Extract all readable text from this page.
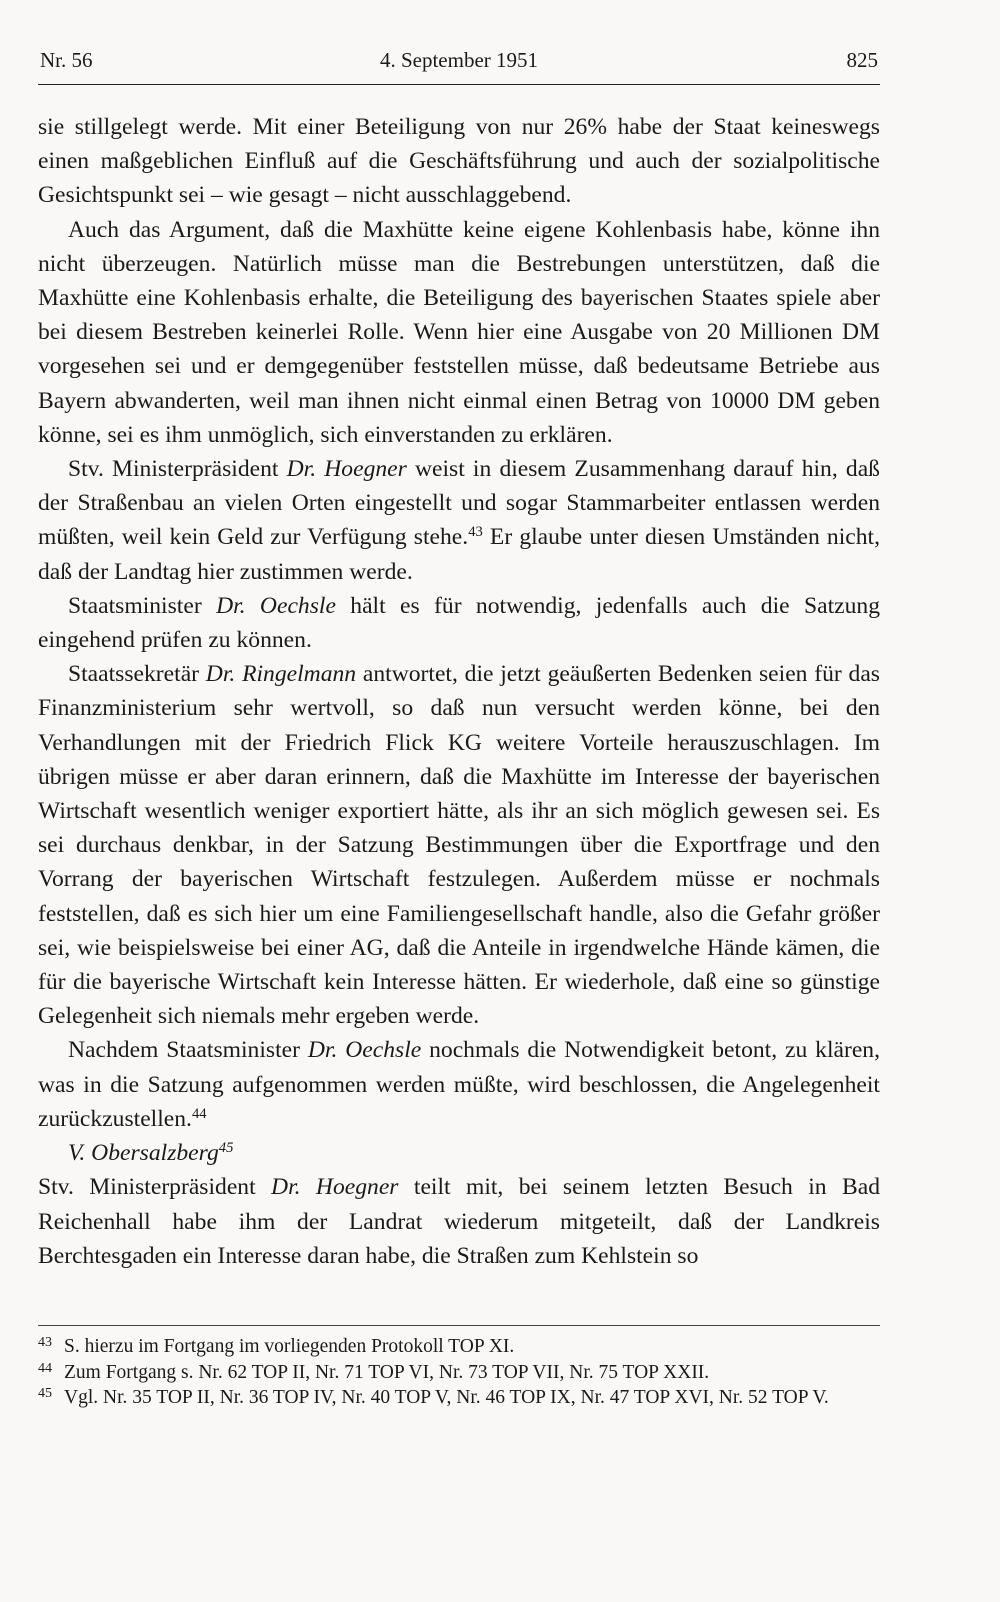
Nr. 56	4. September 1951	825

sie stillgelegt werde. Mit einer Beteiligung von nur 26% habe der Staat keineswegs einen maßgeblichen Einfluß auf die Geschäftsführung und auch der sozialpolitische Gesichtspunkt sei – wie gesagt – nicht ausschlaggebend.

Auch das Argument, daß die Maxhütte keine eigene Kohlenbasis habe, könne ihn nicht überzeugen. Natürlich müsse man die Bestrebungen unterstützen, daß die Maxhütte eine Kohlenbasis erhalte, die Beteiligung des bayerischen Staates spiele aber bei diesem Bestreben keinerlei Rolle. Wenn hier eine Ausgabe von 20 Millionen DM vorgesehen sei und er demgegenüber feststellen müsse, daß bedeutsame Betriebe aus Bayern abwanderten, weil man ihnen nicht einmal einen Betrag von 10000 DM geben könne, sei es ihm unmöglich, sich einverstanden zu erklären.

Stv. Ministerpräsident Dr. Hoegner weist in diesem Zusammenhang darauf hin, daß der Straßenbau an vielen Orten eingestellt und sogar Stammarbeiter entlassen werden müßten, weil kein Geld zur Verfügung stehe.$^{43}$ Er glaube unter diesen Umständen nicht, daß der Landtag hier zustimmen werde.

Staatsminister Dr. Oechsle hält es für notwendig, jedenfalls auch die Satzung eingehend prüfen zu können.

Staatssekretär Dr. Ringelmann antwortet, die jetzt geäußerten Bedenken seien für das Finanzministerium sehr wertvoll, so daß nun versucht werden könne, bei den Verhandlungen mit der Friedrich Flick KG weitere Vorteile herauszuschlagen. Im übrigen müsse er aber daran erinnern, daß die Maxhütte im Interesse der bayerischen Wirtschaft wesentlich weniger exportiert hätte, als ihr an sich möglich gewesen sei. Es sei durchaus denkbar, in der Satzung Bestimmungen über die Exportfrage und den Vorrang der bayerischen Wirtschaft festzulegen. Außerdem müsse er nochmals feststellen, daß es sich hier um eine Familiengesellschaft handle, also die Gefahr größer sei, wie beispielsweise bei einer AG, daß die Anteile in irgendwelche Hände kämen, die für die bayerische Wirtschaft kein Interesse hätten. Er wiederhole, daß eine so günstige Gelegenheit sich niemals mehr ergeben werde.

Nachdem Staatsminister Dr. Oechsle nochmals die Notwendigkeit betont, zu klären, was in die Satzung aufgenommen werden müßte, wird beschlossen, die Angelegenheit zurückzustellen.$^{44}$

V. Obersalzberg$^{45}$

Stv. Ministerpräsident Dr. Hoegner teilt mit, bei seinem letzten Besuch in Bad Reichenhall habe ihm der Landrat wiederum mitgeteilt, daß der Landkreis Berchtesgaden ein Interesse daran habe, die Straßen zum Kehlstein so

43 S. hierzu im Fortgang im vorliegenden Protokoll TOP XI.
44 Zum Fortgang s. Nr. 62 TOP II, Nr. 71 TOP VI, Nr. 73 TOP VII, Nr. 75 TOP XXII.
45 Vgl. Nr. 35 TOP II, Nr. 36 TOP IV, Nr. 40 TOP V, Nr. 46 TOP IX, Nr. 47 TOP XVI, Nr. 52 TOP V.
